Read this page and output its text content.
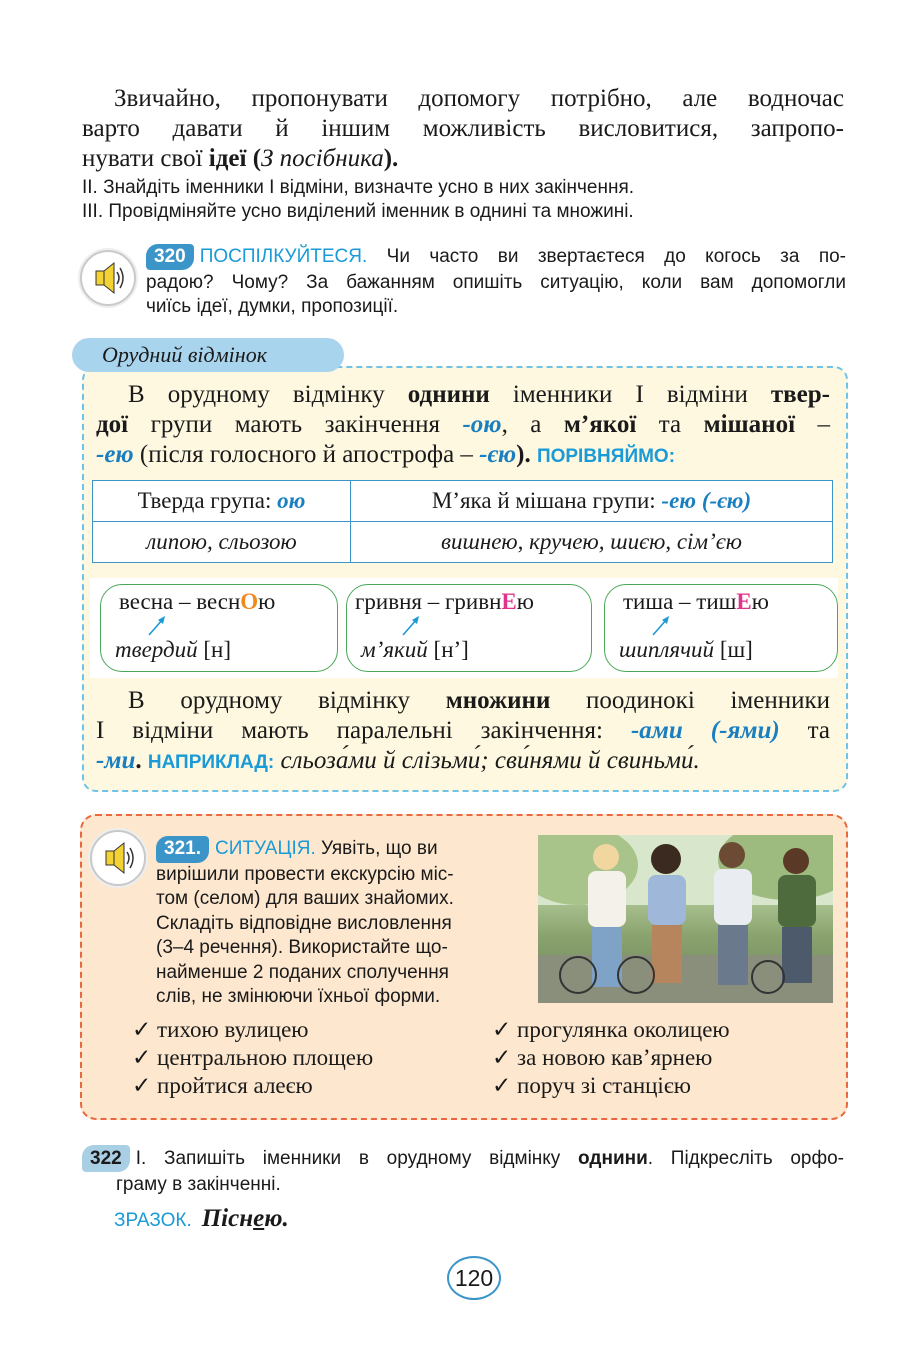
Звичайно, пропонувати допомогу потрібно, але водночас
варто давати й іншим можливість висловитися, запропо-
нувати свої ідеї (З посібника).
II. Знайдіть іменники I відміни, визначте усно в них закінчення.
III. Провідміняйте усно виділений іменник в однині та множині.
320 ПОСПІЛКУЙТЕСЯ. Чи часто ви звертаєтеся до когось за по-
радою? Чому? За бажанням опишіть ситуацію, коли вам допомогли
чиїсь ідеї, думки, пропозиції.
Орудний відмінок
В орудному відмінку однини іменники I відміни твер-
дої групи мають закінчення -ою, а м’якої та мішаної –
-ею (після голосного й апострофа – -єю). ПОРІВНЯЙМО:
Тверда група: ою	М’яка й мішана групи: -ею (-єю)
липою, сльозою	вишнею, кручею, шиєю, сім’єю
весна – веснОю
твердий [н]
гривня – гривнЕю
м’який [н’]
тиша – тишЕю
шиплячий [ш]
В орудному відмінку множини поодинокі іменники
I відміни мають паралельні закінчення: -ами (-ями) та
-ми. НАПРИКЛАД: сльоза́ми й слізьми́; сви́нями й свиньми́.
321. СИТУАЦІЯ. Уявіть, що ви
вирішили провести екскурсію міс-
том (селом) для ваших знайомих.
Складіть відповідне висловлення
(3–4 речення). Використайте що-
найменше 2 поданих сполучення
слів, не змінюючи їхньої форми.
✓ тихою вулицею
✓ центральною площею
✓ пройтися алеєю
✓ прогулянка околицею
✓ за новою кав’ярнею
✓ поруч зі станцією
322 I. Запишіть іменники в орудному відмінку однини. Підкресліть орфо-
граму в закінченні.
ЗРАЗОК. Піснею.
120
